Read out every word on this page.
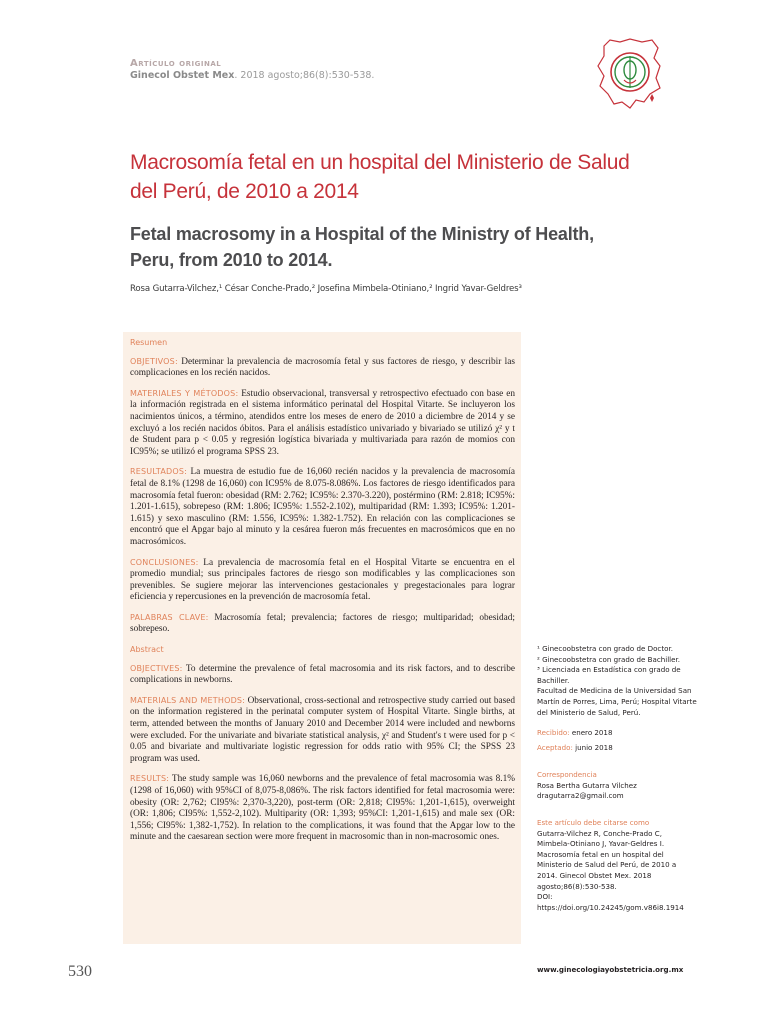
Artículo original
Ginecol Obstet Mex. 2018 agosto;86(8):530-538.
Macrosomía fetal en un hospital del Ministerio de Salud del Perú, de 2010 a 2014
Fetal macrosomy in a Hospital of the Ministry of Health, Peru, from 2010 to 2014.
Rosa Gutarra-Vilchez,¹ César Conche-Prado,² Josefina Mimbela-Otiniano,² Ingrid Yavar-Geldres³
Resumen

OBJETIVOS: Determinar la prevalencia de macrosomía fetal y sus factores de riesgo, y describir las complicaciones en los recién nacidos.

MATERIALES Y MÉTODOS: Estudio observacional, transversal y retrospectivo efectuado con base en la información registrada en el sistema informático perinatal del Hospital Vitarte. Se incluyeron los nacimientos únicos, a término, atendidos entre los meses de enero de 2010 a diciembre de 2014 y se excluyó a los recién nacidos óbitos. Para el análisis estadístico univariado y bivariado se utilizó χ² y t de Student para p < 0.05 y regresión logística bivariada y multivariada para razón de momios con IC95%; se utilizó el programa SPSS 23.

RESULTADOS: La muestra de estudio fue de 16,060 recién nacidos y la prevalencia de macrosomía fetal de 8.1% (1298 de 16,060) con IC95% de 8.075-8.086%. Los factores de riesgo identificados para macrosomía fetal fueron: obesidad (RM: 2.762; IC95%: 2.370-3.220), postérmino (RM: 2.818; IC95%: 1.201-1.615), sobrepeso (RM: 1.806; IC95%: 1.552-2.102), multiparidad (RM: 1.393; IC95%: 1.201-1.615) y sexo masculino (RM: 1.556, IC95%: 1.382-1.752). En relación con las complicaciones se encontró que el Apgar bajo al minuto y la cesárea fueron más frecuentes en macrosómicos que en no macrosómicos.

CONCLUSIONES: La prevalencia de macrosomía fetal en el Hospital Vitarte se encuentra en el promedio mundial; sus principales factores de riesgo son modificables y las complicaciones son prevenibles. Se sugiere mejorar las intervenciones gestacionales y pregestacionales para lograr eficiencia y repercusiones en la prevención de macrosomía fetal.

PALABRAS CLAVE: Macrosomía fetal; prevalencia; factores de riesgo; multiparidad; obesidad; sobrepeso.

Abstract

OBJECTIVES: To determine the prevalence of fetal macrosomia and its risk factors, and to describe complications in newborns.

MATERIALS AND METHODS: Observational, cross-sectional and retrospective study carried out based on the information registered in the perinatal computer system of Hospital Vitarte. Single births, at term, attended between the months of January 2010 and December 2014 were included and newborns were excluded. For the univariate and bivariate statistical analysis, χ² and Student's t were used for p < 0.05 and bivariate and multivariate logistic regression for odds ratio with 95% CI; the SPSS 23 program was used.

RESULTS: The study sample was 16,060 newborns and the prevalence of fetal macrosomia was 8.1% (1298 of 16,060) with 95%CI of 8,075-8,086%. The risk factors identified for fetal macrosomia were: obesity (OR: 2,762; CI95%: 2,370-3,220), post-term (OR: 2,818; CI95%: 1,201-1,615), overweight (OR: 1,806; CI95%: 1,552-2,102). Multiparity (OR: 1,393; 95%CI: 1,201-1,615) and male sex (OR: 1,556; CI95%: 1,382-1,752). In relation to the complications, it was found that the Apgar low to the minute and the caesarean section were more frequent in macrosomic than in non-macrosomic ones.

¹ Ginecoobstetra con grado de Doctor.
² Ginecoobstetra con grado de Bachiller.
³ Licenciada en Estadística con grado de Bachiller.
Facultad de Medicina de la Universidad San Martín de Porres, Lima, Perú; Hospital Vitarte del Ministerio de Salud, Perú.
Recibido: enero 2018
Aceptado: junio 2018
Correspondencia
Rosa Bertha Gutarra Vilchez
dragutarra2@gmail.com
Este artículo debe citarse como
Gutarra-Vilchez R, Conche-Prado C, Mimbela-Otiniano J, Yavar-Geldres I. Macrosomía fetal en un hospital del Ministerio de Salud del Perú, de 2010 a 2014. Ginecol Obstet Mex. 2018 agosto;86(8):530-538.
DOI: https://doi.org/10.24245/gom.v86i8.1914
530	www.ginecologiayobstetricia.org.mx
